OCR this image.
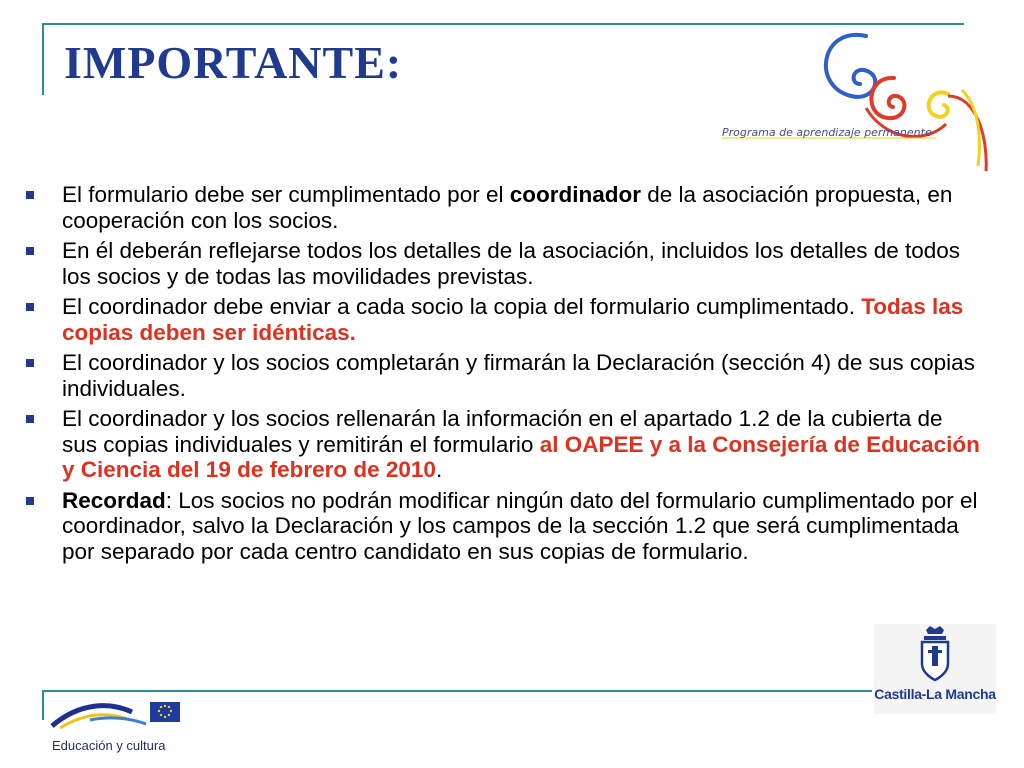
IMPORTANTE:
Programa de aprendizaje permanente
El formulario debe ser cumplimentado por el coordinador de la asociación propuesta, en cooperación con los socios.
En él deberán reflejarse todos los detalles de la asociación, incluidos los detalles de todos los socios y de todas las movilidades previstas.
El coordinador debe enviar a cada socio la copia del formulario cumplimentado. Todas las copias deben ser idénticas.
El coordinador y los socios completarán y firmarán la Declaración (sección 4) de sus copias individuales.
El coordinador y los socios rellenarán la información en el apartado 1.2 de la cubierta de sus copias individuales y remitirán el formulario al OAPEE y a la Consejería de Educación y Ciencia del 19 de febrero de 2010.
Recordad: Los socios no podrán modificar ningún dato del formulario cumplimentado por el coordinador, salvo la Declaración y los campos de la sección 1.2 que será cumplimentada por separado por cada centro candidato en sus copias de formulario.
Educación y cultura
Castilla-La Mancha
